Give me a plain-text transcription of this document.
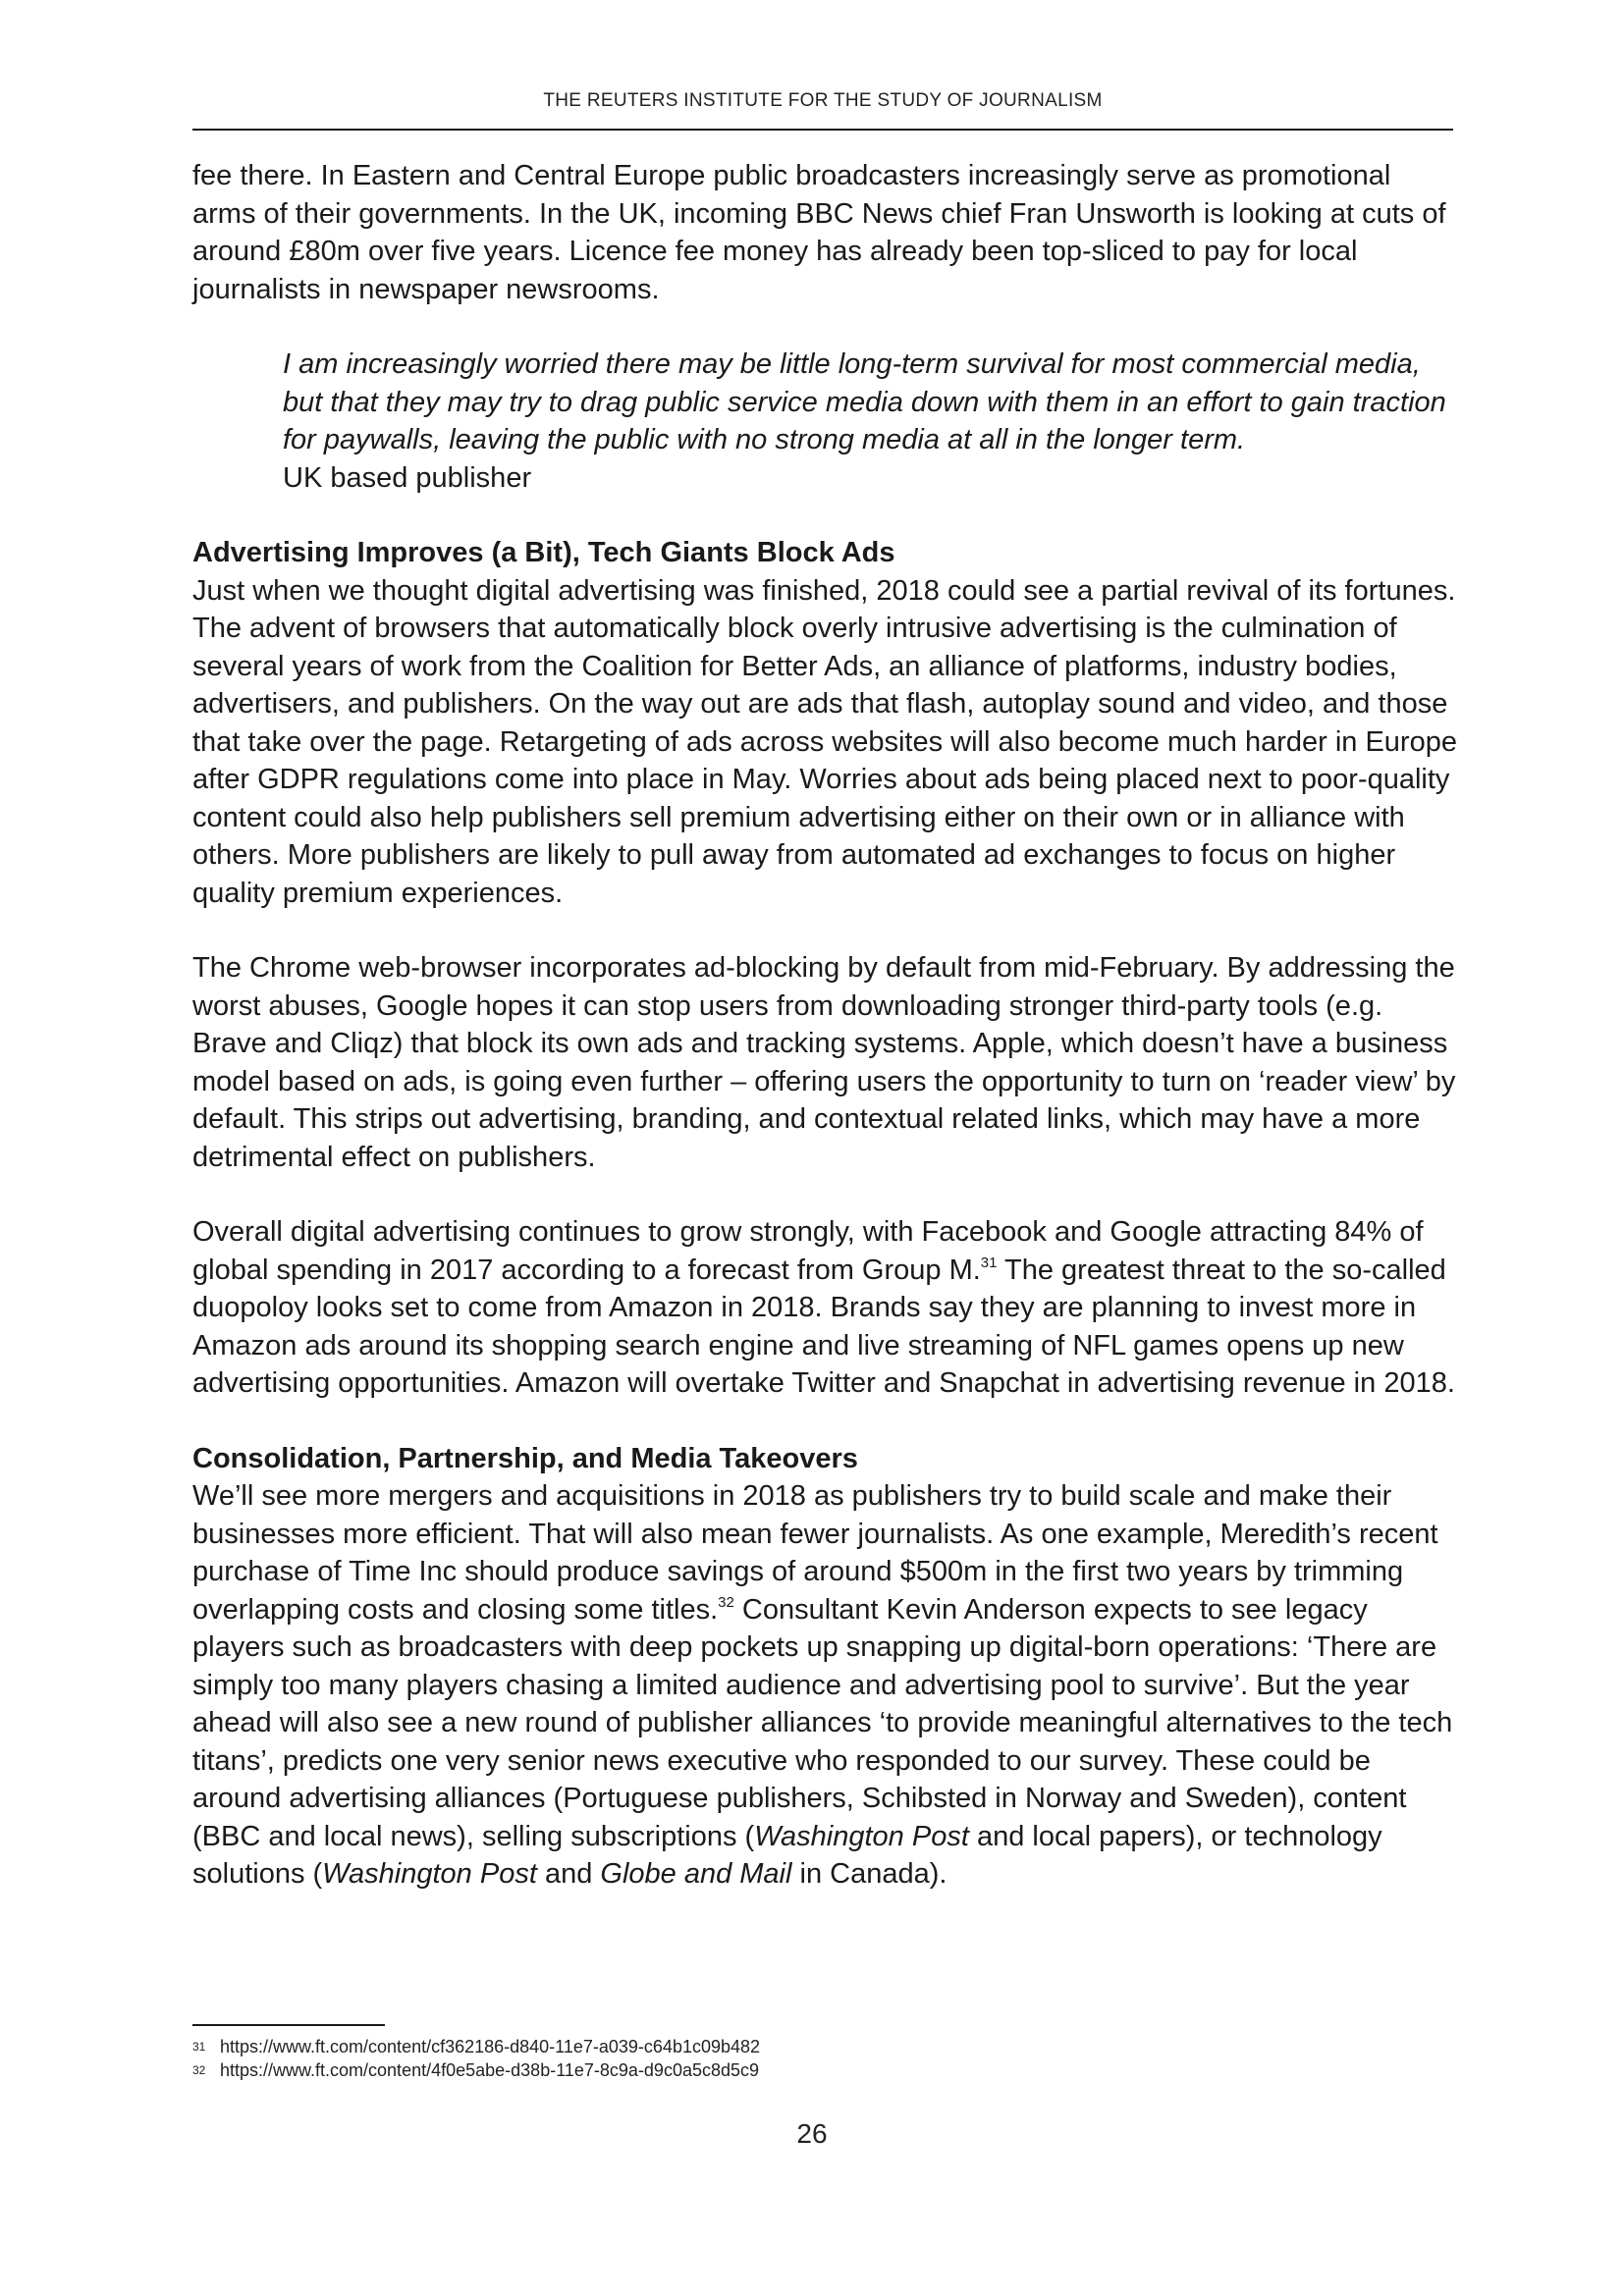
THE REUTERS INSTITUTE FOR THE STUDY OF JOURNALISM

fee there. In Eastern and Central Europe public broadcasters increasingly serve as promotional arms of their governments. In the UK, incoming BBC News chief Fran Unsworth is looking at cuts of around £80m over five years. Licence fee money has already been top-sliced to pay for local journalists in newspaper newsrooms.

I am increasingly worried there may be little long-term survival for most commercial media, but that they may try to drag public service media down with them in an effort to gain traction for paywalls, leaving the public with no strong media at all in the longer term.
UK based publisher
Advertising Improves (a Bit), Tech Giants Block Ads

Just when we thought digital advertising was finished, 2018 could see a partial revival of its fortunes. The advent of browsers that automatically block overly intrusive advertising is the culmination of several years of work from the Coalition for Better Ads, an alliance of platforms, industry bodies, advertisers, and publishers. On the way out are ads that flash, autoplay sound and video, and those that take over the page. Retargeting of ads across websites will also become much harder in Europe after GDPR regulations come into place in May. Worries about ads being placed next to poor-quality content could also help publishers sell premium advertising either on their own or in alliance with others. More publishers are likely to pull away from automated ad exchanges to focus on higher quality premium experiences.

The Chrome web-browser incorporates ad-blocking by default from mid-February. By addressing the worst abuses, Google hopes it can stop users from downloading stronger third-party tools (e.g. Brave and Cliqz) that block its own ads and tracking systems. Apple, which doesn’t have a business model based on ads, is going even further – offering users the opportunity to turn on ‘reader view’ by default. This strips out advertising, branding, and contextual related links, which may have a more detrimental effect on publishers.

Overall digital advertising continues to grow strongly, with Facebook and Google attracting 84% of global spending in 2017 according to a forecast from Group M.$^{31}$ The greatest threat to the so-called duopoloy looks set to come from Amazon in 2018. Brands say they are planning to invest more in Amazon ads around its shopping search engine and live streaming of NFL games opens up new advertising opportunities. Amazon will overtake Twitter and Snapchat in advertising revenue in 2018.

Consolidation, Partnership, and Media Takeovers

We’ll see more mergers and acquisitions in 2018 as publishers try to build scale and make their businesses more efficient. That will also mean fewer journalists. As one example, Meredith’s recent purchase of Time Inc should produce savings of around $500m in the first two years by trimming overlapping costs and closing some titles.$^{32}$ Consultant Kevin Anderson expects to see legacy players such as broadcasters with deep pockets up snapping up digital-born operations: ‘There are simply too many players chasing a limited audience and advertising pool to survive’. But the year ahead will also see a new round of publisher alliances ‘to provide meaningful alternatives to the tech titans’, predicts one very senior news executive who responded to our survey. These could be around advertising alliances (Portuguese publishers, Schibsted in Norway and Sweden), content (BBC and local news), selling subscriptions (Washington Post and local papers), or technology solutions (Washington Post and Globe and Mail in Canada).

31 https://www.ft.com/content/cf362186-d840-11e7-a039-c64b1c09b482
32 https://www.ft.com/content/4f0e5abe-d38b-11e7-8c9a-d9c0a5c8d5c9
26
